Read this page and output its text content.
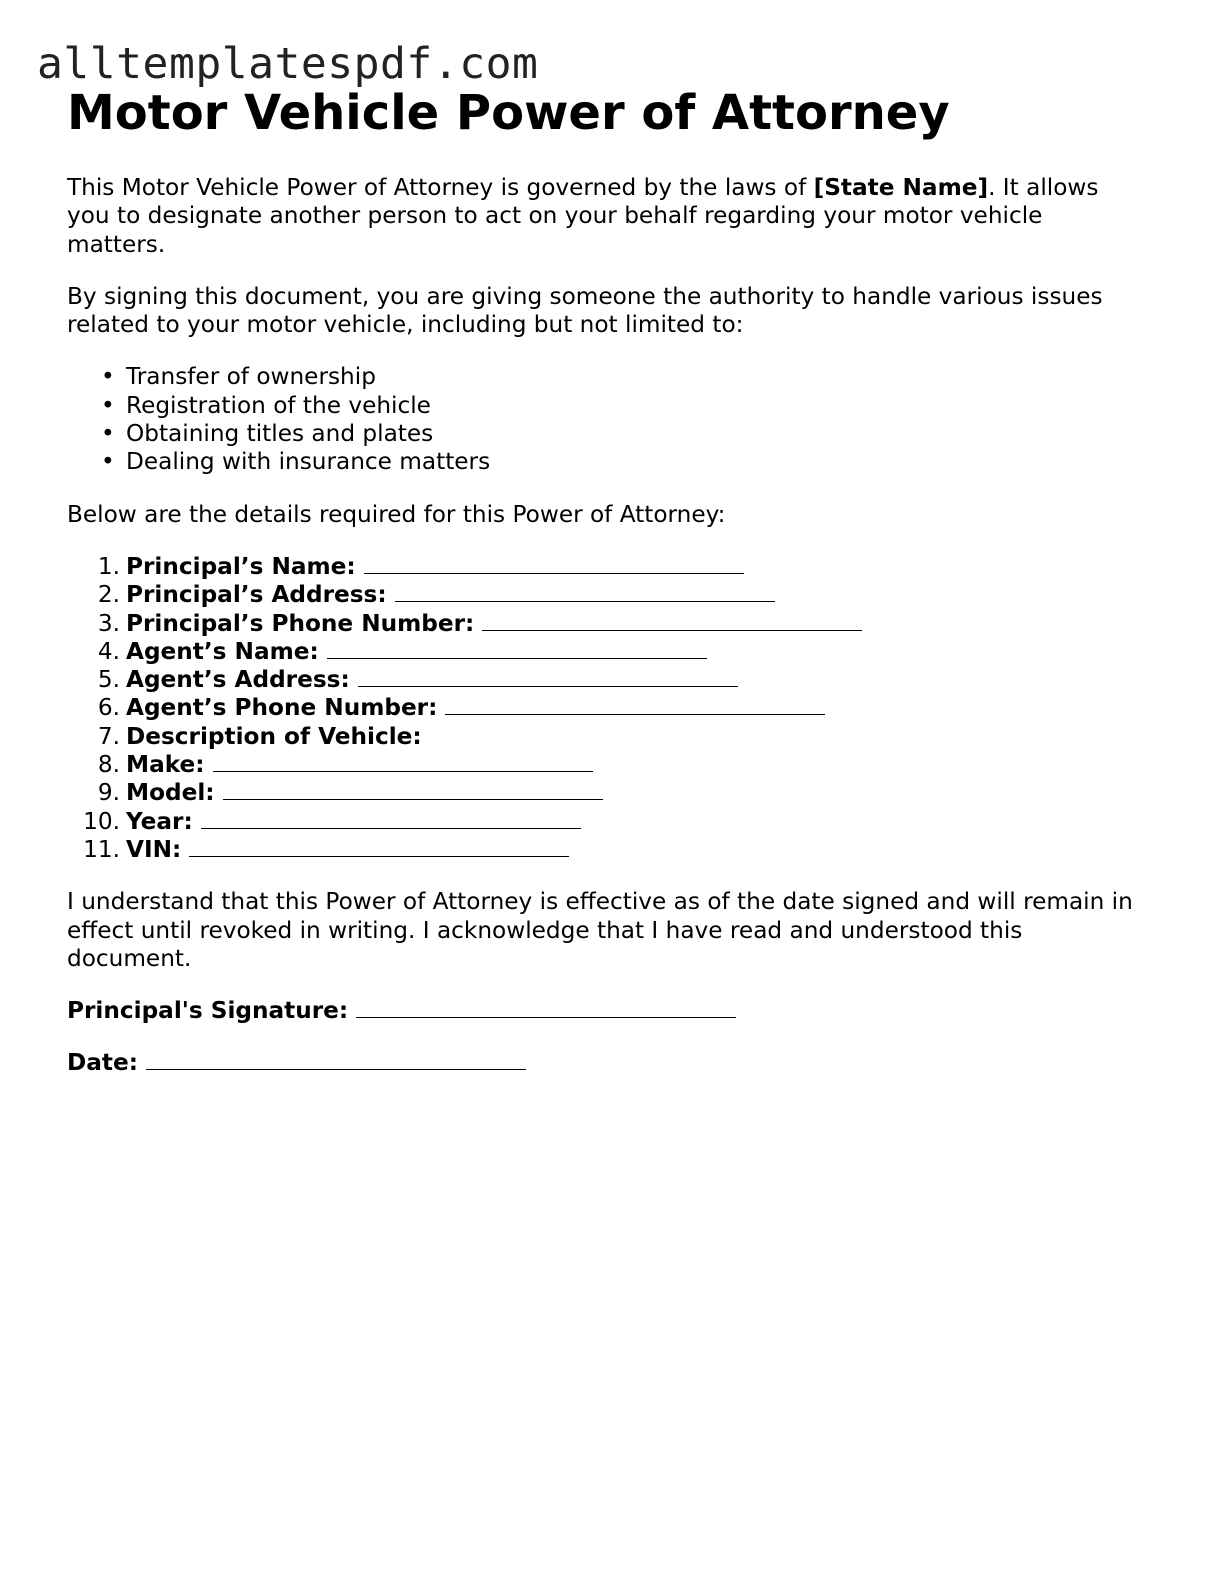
alltemplatespdf.com
Motor Vehicle Power of Attorney

This Motor Vehicle Power of Attorney is governed by the laws of [State Name]. It allows you to designate another person to act on your behalf regarding your motor vehicle matters.

By signing this document, you are giving someone the authority to handle various issues related to your motor vehicle, including but not limited to:

• Transfer of ownership
• Registration of the vehicle
• Obtaining titles and plates
• Dealing with insurance matters

Below are the details required for this Power of Attorney:

1. Principal’s Name:
2. Principal’s Address:
3. Principal’s Phone Number:
4. Agent’s Name:
5. Agent’s Address:
6. Agent’s Phone Number:
7. Description of Vehicle:
8. Make:
9. Model:
10. Year:
11. VIN:

I understand that this Power of Attorney is effective as of the date signed and will remain in effect until revoked in writing. I acknowledge that I have read and understood this document.

Principal's Signature:

Date:
